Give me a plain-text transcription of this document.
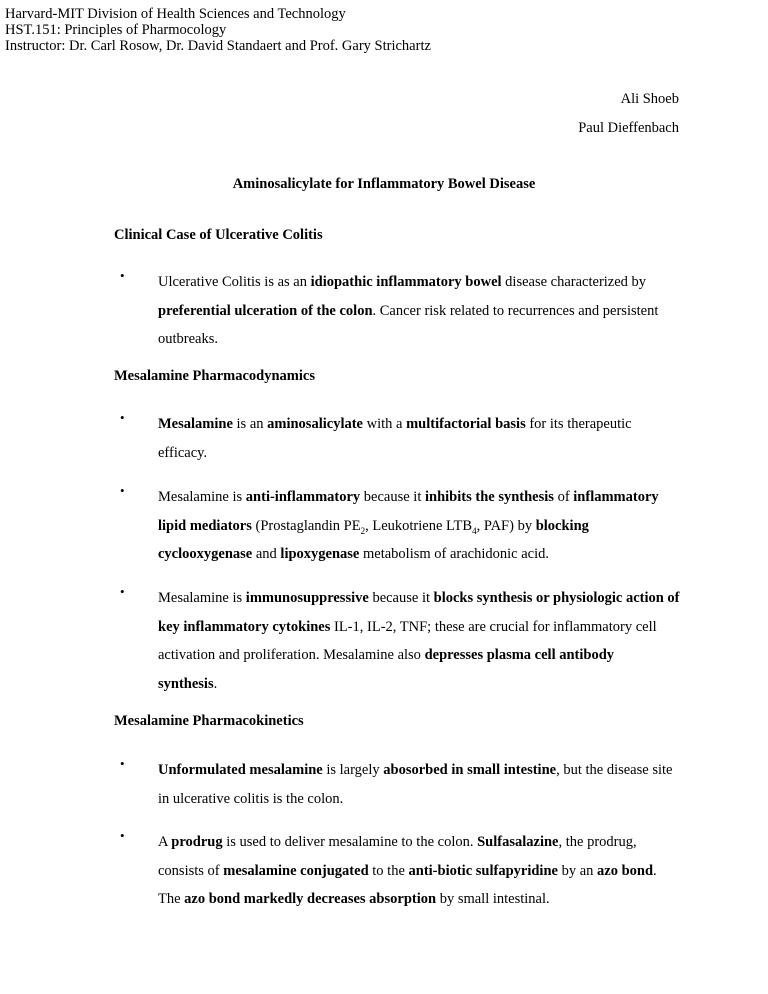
Harvard-MIT Division of Health Sciences and Technology
HST.151: Principles of Pharmocology
Instructor: Dr. Carl Rosow, Dr. David Standaert and Prof. Gary Strichartz
Ali Shoeb
Paul Dieffenbach
Aminosalicylate for Inflammatory Bowel Disease
Clinical Case of Ulcerative Colitis
• Ulcerative Colitis is as an idiopathic inflammatory bowel disease characterized by
preferential ulceration of the colon. Cancer risk related to recurrences and persistent
outbreaks.
Mesalamine Pharmacodynamics
• Mesalamine is an aminosalicylate with a multifactorial basis for its therapeutic
efficacy.
• Mesalamine is anti-inflammatory because it inhibits the synthesis of inflammatory
lipid mediators (Prostaglandin $PE_2$, Leukotriene $LTB_4$, PAF) by blocking
cyclooxygenase and lipoxygenase metabolism of arachidonic acid.
• Mesalamine is immunosuppressive because it blocks synthesis or physiologic action of
key inflammatory cytokines IL-1, IL-2, TNF; these are crucial for inflammatory cell
activation and proliferation. Mesalamine also depresses plasma cell antibody
synthesis.
Mesalamine Pharmacokinetics
• Unformulated mesalamine is largely abosorbed in small intestine, but the disease site
in ulcerative colitis is the colon.
• A prodrug is used to deliver mesalamine to the colon. Sulfasalazine, the prodrug,
consists of mesalamine conjugated to the anti-biotic sulfapyridine by an azo bond.
The azo bond markedly decreases absorption by small intestinal.
